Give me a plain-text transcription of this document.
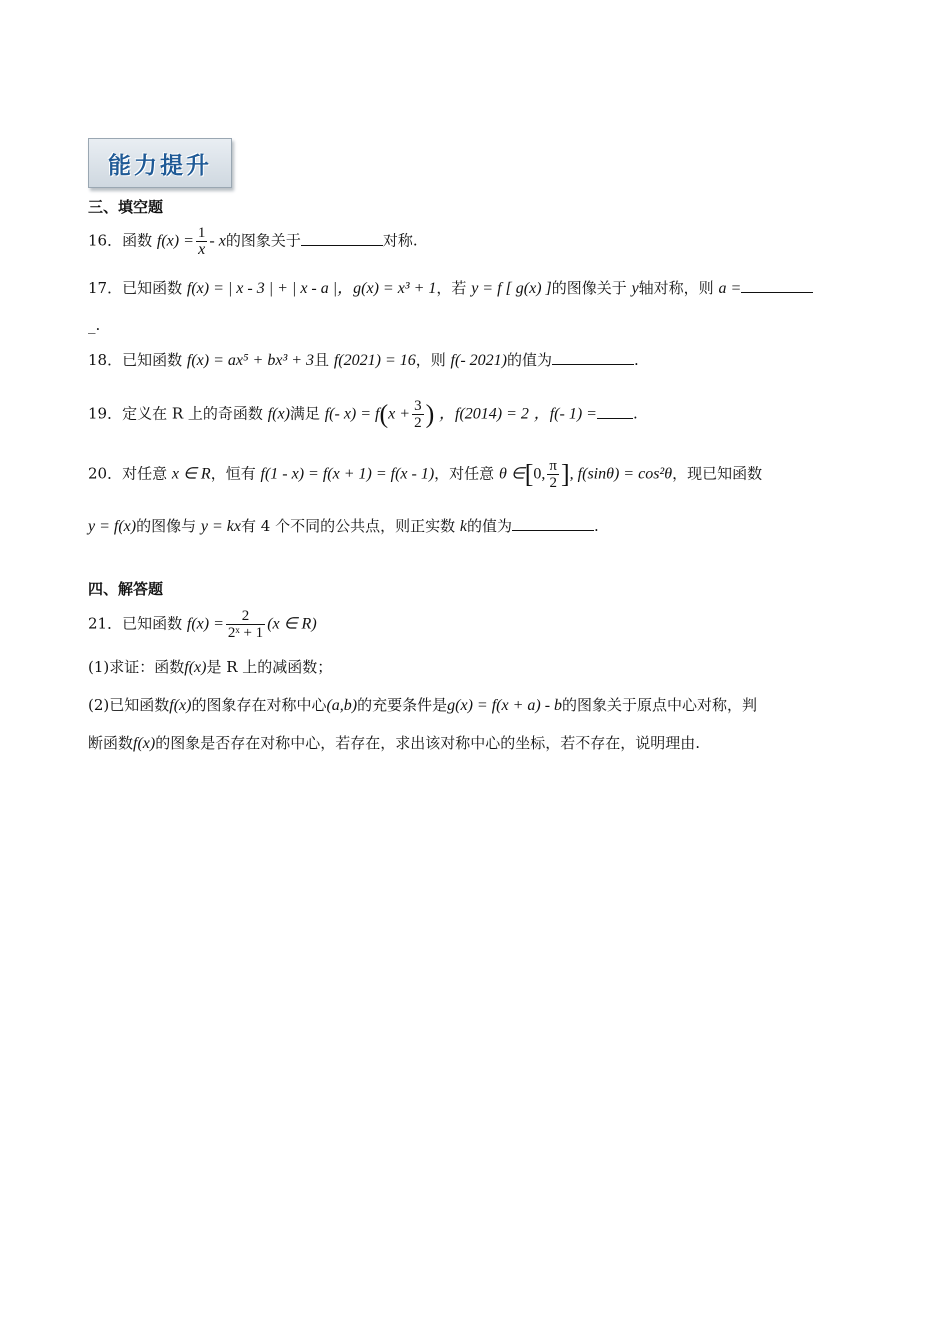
能力提升
三、填空题
16．函数 $f(x) = \frac{1}{x} - x$的图象关于	对称.
17．已知函数 f(x) = | x - 3 | + | x - a |，g(x) = x³ + 1，若 y = f [ g(x) ]的图像关于 y轴对称，则 a =
_.
18．已知函数 f(x) = ax⁵ + bx³ + 3且 f(2021) = 16，则 f(- 2021)的值为	.
19．定义在 R 上的奇函数 f(x)满足 f(- $x) = f(x + \frac{3}{2}$ ) ，f(2014) = 2 ，f(- 1) = .
20．对任意 x ∈ R，恒有 f(1 - x) = f(x + 1) = f(x - 1)，对任意 θ ∈[0, $\frac{\pi}{2}$ ], f(sinθ) = cos²θ，现已知函数
y = f(x)的图像与 y = kx有 4 个不同的公共点，则正实数 k的值为	.
四、解答题
21．已知函数 $f(x) = \frac{2}{\text{2ˣ + 1}} (x$ ∈ R)
(1)求证：函数f(x)是 R 上的减函数；
(2)已知函数f(x)的图象存在对称中心(a,b)的充要条件是g(x) = f(x + a) - b的图象关于原点中心对称，判
断函数f(x)的图象是否存在对称中心，若存在，求出该对称中心的坐标，若不存在，说明理由.
